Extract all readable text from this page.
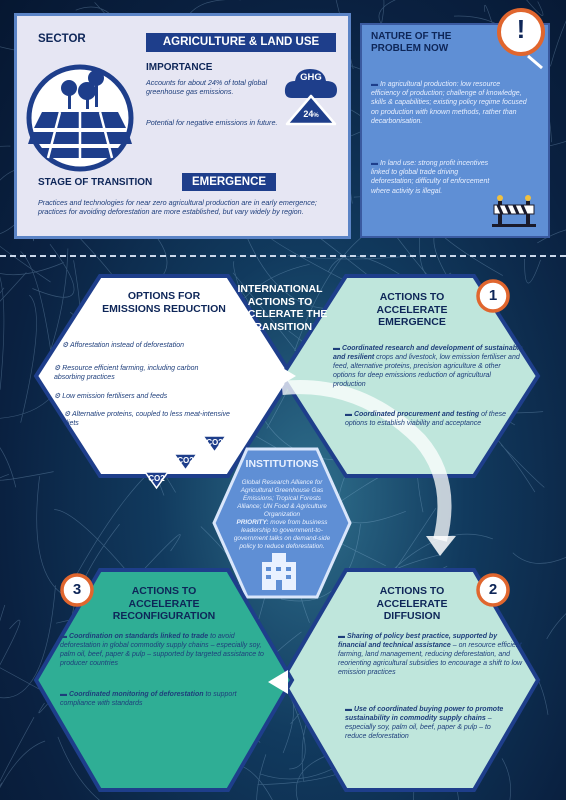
SECTOR	AGRICULTURE & LAND USE
IMPORTANCE
Accounts for about 24% of total global greenhouse gas emissions.
Potential for negative emissions in future.
GHG
24%
STAGE OF TRANSITION	EMERGENCE
Practices and technologies for near zero agricultural production are in early emergence; practices for avoiding deforestation are more established, but vary widely by region.
NATURE OF THE PROBLEM NOW
!
▬ In agricultural production: low resource efficiency of production; challenge of knowledge, skills & capabilities; existing policy regime focused on production with known methods, rather than decarbonisation.
▬ In land use: strong profit incentives linked to global trade driving deforestation; difficulty of enforcement where activity is illegal.
OPTIONS FOR EMISSIONS REDUCTION
⚙ Afforestation instead of deforestation
⚙ Resource efficient farming, including carbon absorbing practices
⚙ Low emission fertilisers and feeds
⚙ Alternative proteins, coupled to less meat-intensive diets
CO2
CO2
CO2
INTERNATIONAL ACTIONS TO ACCELERATE THE TRANSITION
1
ACTIONS TO ACCELERATE EMERGENCE
▬ Coordinated research and development of sustainable and resilient crops and livestock, low emission fertiliser and feed, alternative proteins, precision agriculture & other options for deep emissions reduction of agricultural production
▬ Coordinated procurement and testing of these options to establish viability and acceptance
INSTITUTIONS
Global Research Alliance for Agricultural Greenhouse Gas Emissions; Tropical Forests Alliance; UN Food & Agriculture Organization
PRIORITY: move from business leadership to government-to-government talks on demand-side policy to reduce deforestation.
2
ACTIONS TO ACCELERATE DIFFUSION
▬ Sharing of policy best practice, supported by financial and technical assistance – on resource efficient farming, land management, reducing deforestation, and reorienting agricultural subsidies to encourage a shift to low emission practices
▬ Use of coordinated buying power to promote sustainability in commodity supply chains – especially soy, palm oil, beef, paper & pulp – to reduce deforestation
3	ACTIONS TO ACCELERATE RECONFIGURATION
▬ Coordination on standards linked to trade to avoid deforestation in global commodity supply chains – especially soy, palm oil, beef, paper & pulp – supported by targeted assistance to producer countries
▬ Coordinated monitoring of deforestation to support compliance with standards
